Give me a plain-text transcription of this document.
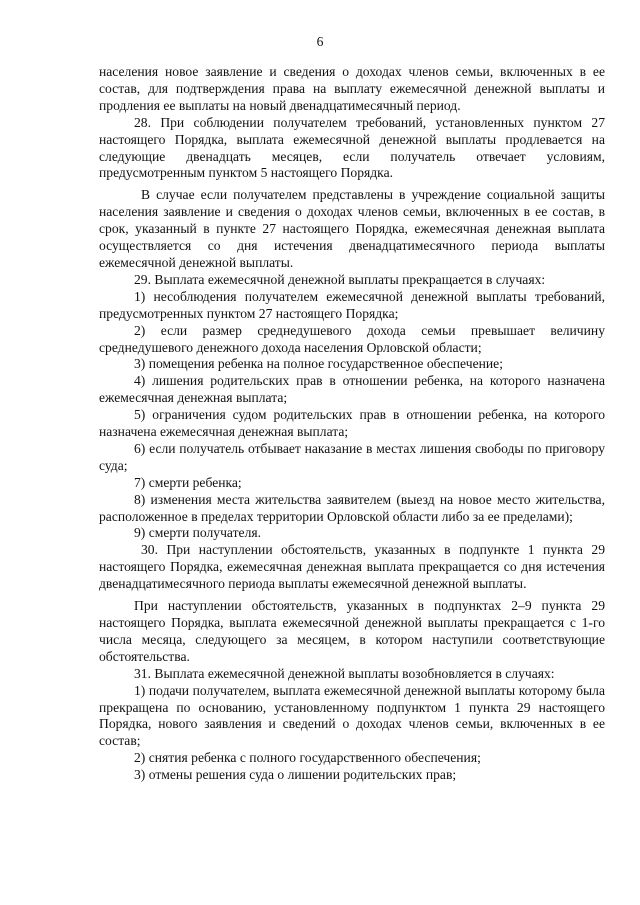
6

населения новое заявление и сведения о доходах членов семьи, включенных в ее состав, для подтверждения права на выплату ежемесячной денежной выплаты и продления ее выплаты на новый двенадцатимесячный период.

28. При соблюдении получателем требований, установленных пунктом 27 настоящего Порядка, выплата ежемесячной денежной выплаты продлевается на следующие двенадцать месяцев, если получатель отвечает условиям, предусмотренным пунктом 5 настоящего Порядка.

В случае если получателем представлены в учреждение социальной защиты населения заявление и сведения о доходах членов семьи, включенных в ее состав, в срок, указанный в пункте 27 настоящего Порядка, ежемесячная денежная выплата осуществляется со дня истечения двенадцатимесячного периода выплаты ежемесячной денежной выплаты.

29. Выплата ежемесячной денежной выплаты прекращается в случаях:

1) несоблюдения получателем ежемесячной денежной выплаты требований, предусмотренных пунктом 27 настоящего Порядка;

2) если размер среднедушевого дохода семьи превышает величину среднедушевого денежного дохода населения Орловской области;

3) помещения ребенка на полное государственное обеспечение;

4) лишения родительских прав в отношении ребенка, на которого назначена ежемесячная денежная выплата;

5) ограничения судом родительских прав в отношении ребенка, на которого назначена ежемесячная денежная выплата;

6) если получатель отбывает наказание в местах лишения свободы по приговору суда;

7) смерти ребенка;

8) изменения места жительства заявителем (выезд на новое место жительства, расположенное в пределах территории Орловской области либо за ее пределами);

9) смерти получателя.

30. При наступлении обстоятельств, указанных в подпункте 1 пункта 29 настоящего Порядка, ежемесячная денежная выплата прекращается со дня истечения двенадцатимесячного периода выплаты ежемесячной денежной выплаты.

При наступлении обстоятельств, указанных в подпунктах 2–9 пункта 29 настоящего Порядка, выплата ежемесячной денежной выплаты прекращается с 1-го числа месяца, следующего за месяцем, в котором наступили соответствующие обстоятельства.

31. Выплата ежемесячной денежной выплаты возобновляется в случаях:

1) подачи получателем, выплата ежемесячной денежной выплаты которому была прекращена по основанию, установленному подпунктом 1 пункта 29 настоящего Порядка, нового заявления и сведений о доходах членов семьи, включенных в ее состав;

2) снятия ребенка с полного государственного обеспечения;

3) отмены решения суда о лишении родительских прав;
